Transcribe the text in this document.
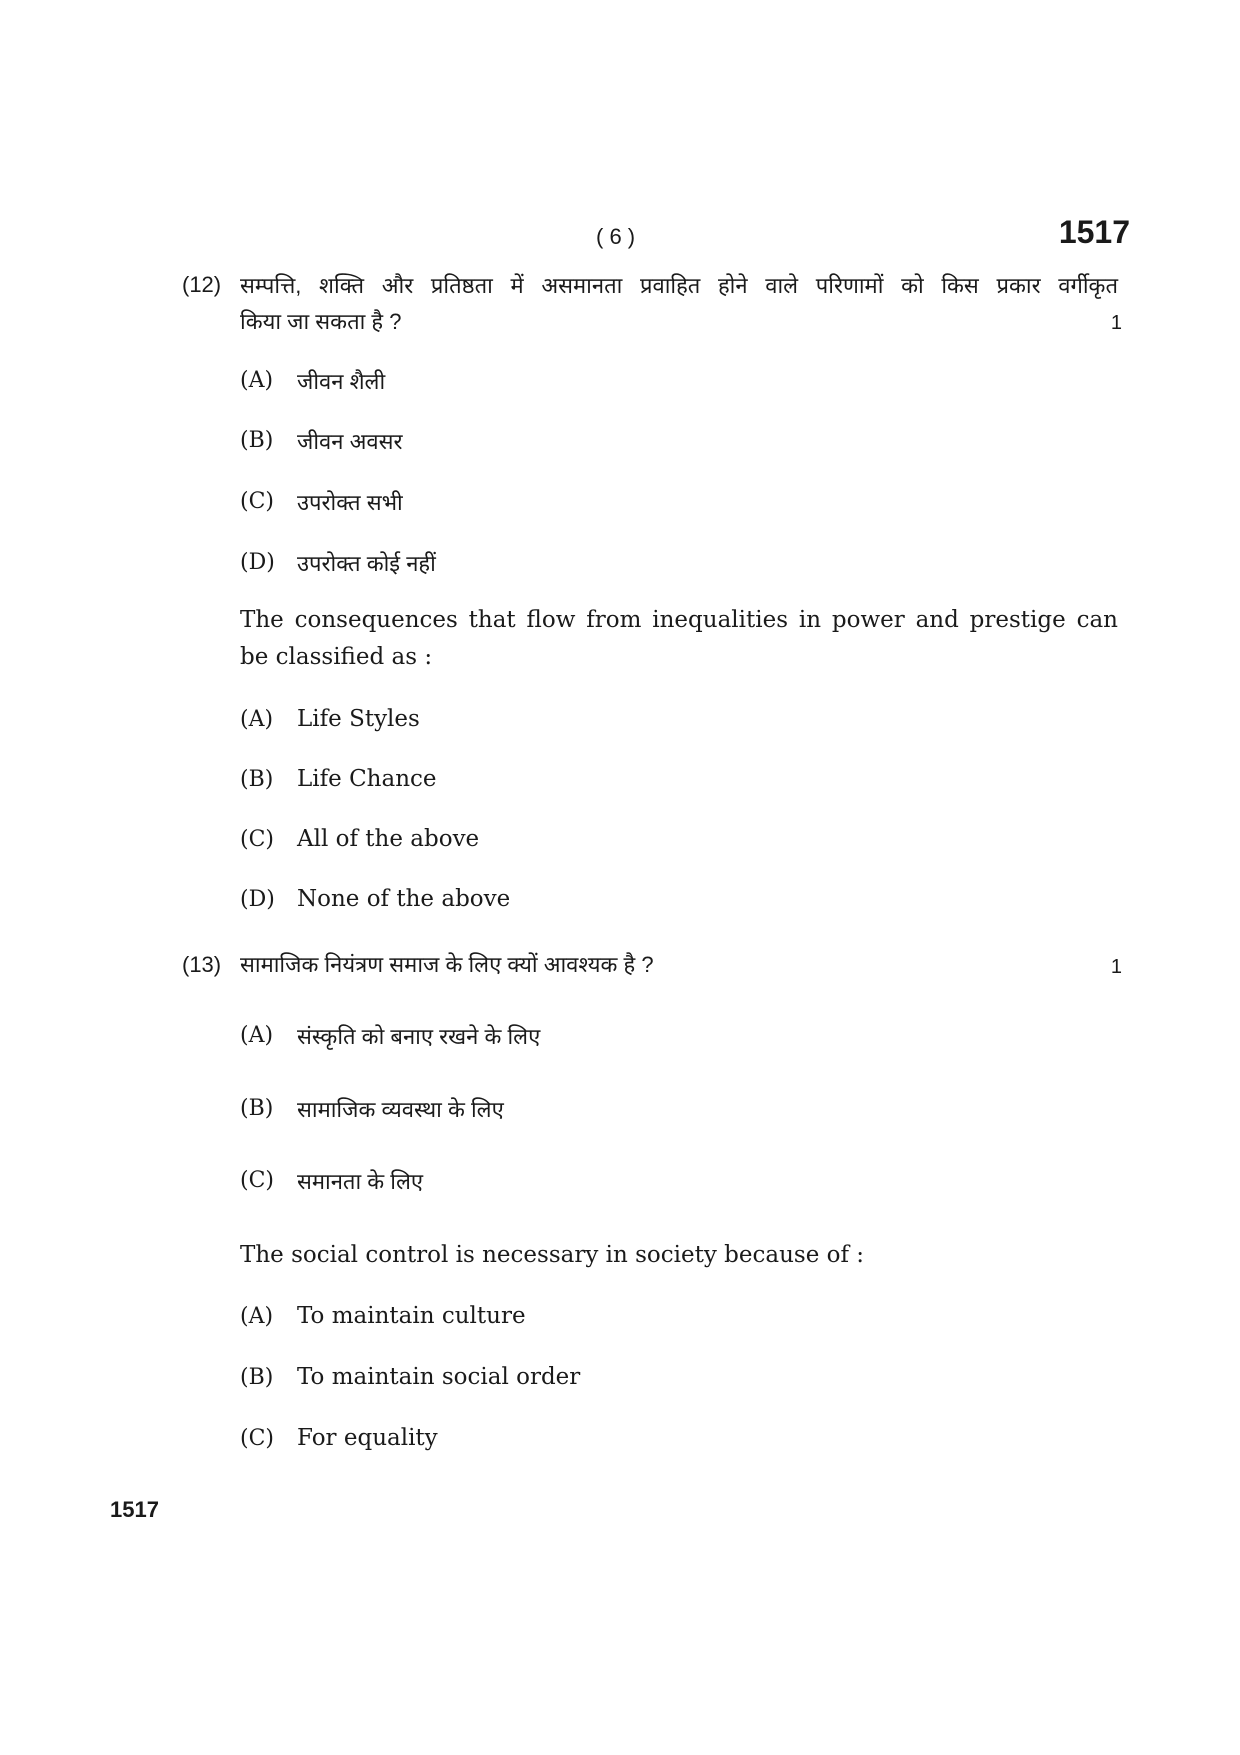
( 6 )	1517
(12) सम्पत्ति, शक्ति और प्रतिष्ठता में असमानता प्रवाहित होने वाले परिणामों को किस प्रकार वर्गीकृत
किया जा सकता है ?	1
(A) जीवन शैली
(B) जीवन अवसर
(C) उपरोक्त सभी
(D) उपरोक्त कोई नहीं
The consequences that flow from inequalities in power and prestige can
be classified as :
(A) Life Styles
(B) Life Chance
(C) All of the above
(D) None of the above
(13) सामाजिक नियंत्रण समाज के लिए क्यों आवश्यक है ?	1
(A) संस्कृति को बनाए रखने के लिए
(B) सामाजिक व्यवस्था के लिए
(C) समानता के लिए
The social control is necessary in society because of :
(A) To maintain culture
(B) To maintain social order
(C) For equality
1517
